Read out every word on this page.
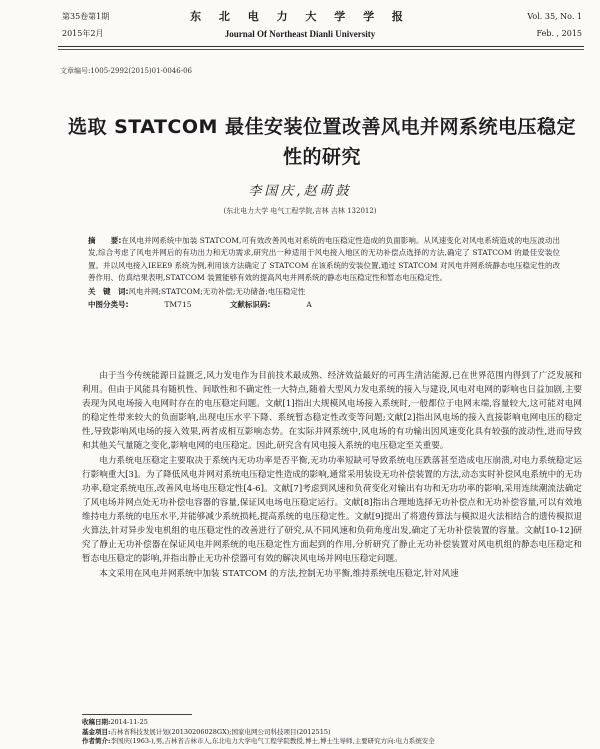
第35卷第1期
2015年2月
东 北 电 力 大 学 学 报
Journal Of Northeast Dianli University
Vol. 35, No. 1
Feb. , 2015
文章编号:1005-2992(2015)01-0046-06
选取 STATCOM 最佳安装位置改善风电并网系统电压稳定性的研究
李国庆,赵萌鼓
(东北电力大学 电气工程学院,吉林 吉林 132012)

摘　　要:在风电并网系统中加装 STATCOM,可有效改善风电对系统的电压稳定性造成的负面影响。从风速变化对风电系统造成的电压波动出发,综合考虑了风电并网后的有功出力和无功需求,研究出一种适用于风电接入地区的无功补偿点选择的方法,确定了 STATCOM 的最佳安装位置。并以风电接入IEEE9 系统为例,利用该方法确定了 STATCOM 在该系统的安装位置,通过 STATCOM 对风电并网系统静态电压稳定性的改善作用、仿真结果表明,STATCOM 装置能够有效的提高风电并网系统的静态电压稳定性和暂态电压稳定性。

关　键　词:风电并网;STATCOM;无功补偿;无功储备;电压稳定性

中图分类号:	TM715	文献标识码:	A

由于当今传统能源日益匮乏,风力发电作为目前技术最成熟、经济效益最好的可再生清洁能源,已在世界范围内得到了广泛发展和利用。但由于风能具有随机性、间歇性和不确定性一大特点,随着大型风力发电系统的接入与建设,风电对电网的影响也日益加剧,主要表现为风电场接入电网时存在的电压稳定问题。文献[1]指出大规模风电场接入系统时,一般都位于电网末端,容量较大,这可能对电网的稳定性带来较大的负面影响,出现电压水平下降、系统暂态稳定性改变等问题;文献[2]指出风电场的接入直接影响电网电压的稳定性,导致影响风电场的接入效果,两者成相互影响态势。在实际并网系统中,风电场的有功输出因风速变化具有较强的波动性,进而导致和其他关气量随之变化,影响电网的电压稳定。因此,研究含有风电接入系统的电压稳定至关重要。

电力系统电压稳定主要取决于系统内无功功率是否平衡,无功功率短缺可导致系统电压跌落甚至造成电压崩溃,对电力系统稳定运行影响重大[3]。为了降低风电并网对系统电压稳定性造成的影响,通常采用装设无功补偿装置的方法,动态实时补偿风电系统中的无功功率,稳定系统电压,改善风电场电压稳定性[4-6]。文献[7]考虑到风速和负荷变化对输出有功和无功功率的影响,采用连续潮流法确定了风电场并网点处无功补偿电容器的容量,保证风电场电压稳定运行。文献[8]指出合理地选择无功补偿点和无功补偿容量,可以有效地维持电力系统的电压水平,并能够减少系统损耗,提高系统的电压稳定性。文献[9]提出了将遗传算法与模拟退火法相结合的遗传模拟退火算法,针对异步发电机组的电压稳定性的改善进行了研究,从不同风速和负荷角度出发,确定了无功补偿装置的容量。文献[10-12]研究了静止无功补偿器在保证风电并网系统的电压稳定性方面起到的作用,分析研究了静止无功补偿装置对风电机组的静态电压稳定和暂态电压稳定的影响,并指出静止无功补偿器可有效的解决风电场并网电压稳定问题。

本文采用在风电并网系统中加装 STATCOM 的方法,控制无功平衡,维持系统电压稳定,针对风速

收稿日期:2014-11-25
基金项目:吉林省科技发展计划(20130206028GX);国家电网公司科技项目(2012515)
作者简介:李国庆(1963-),男,吉林省吉林市人,东北电力大学电气工程学院教授,博士,博士生导师,主要研究方向:电力系统安全
